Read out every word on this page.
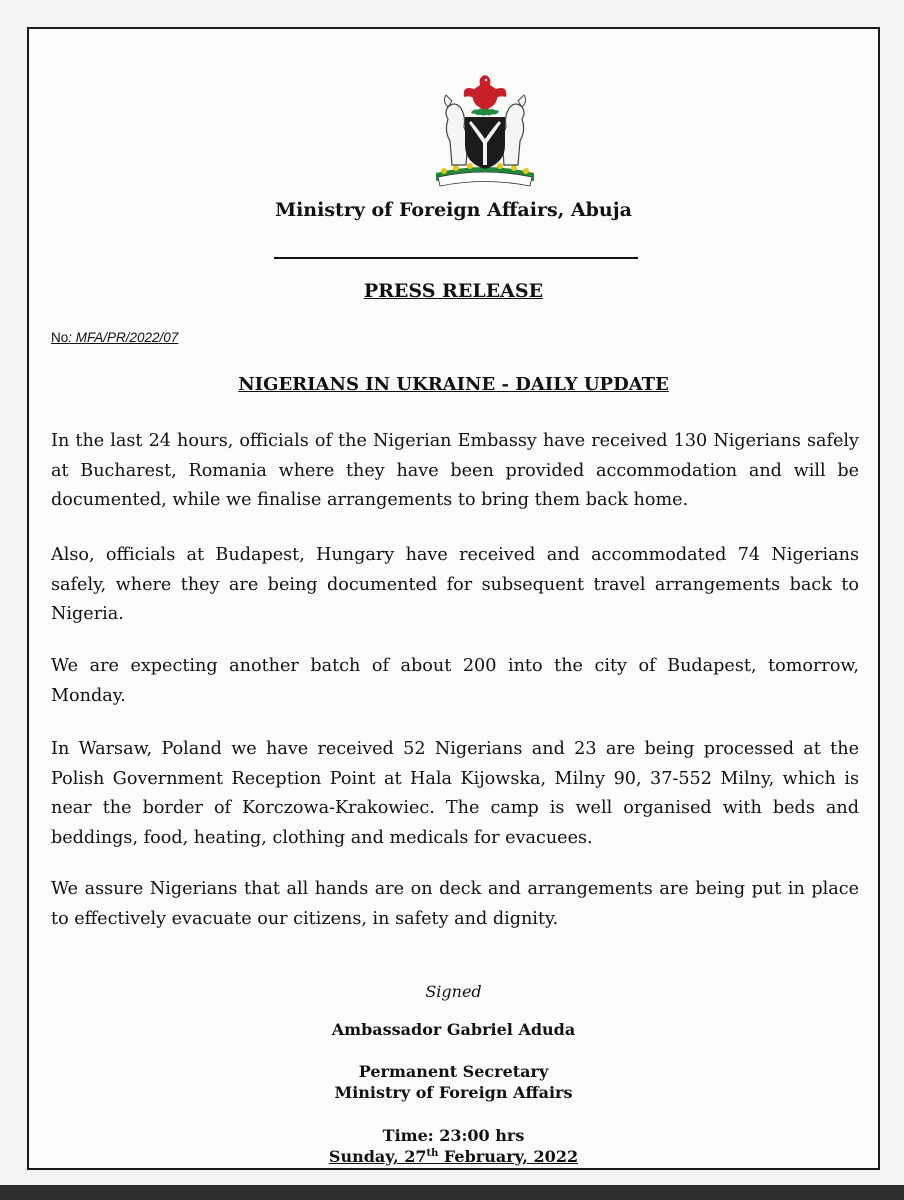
Ministry of Foreign Affairs, Abuja
PRESS RELEASE
No: MFA/PR/2022/07
NIGERIANS IN UKRAINE - DAILY UPDATE
In the last 24 hours, officials of the Nigerian Embassy have received 130 Nigerians safely at Bucharest, Romania where they have been provided accommodation and will be documented, while we finalise arrangements to bring them back home.
Also, officials at Budapest, Hungary have received and accommodated 74 Nigerians safely, where they are being documented for subsequent travel arrangements back to Nigeria.
We are expecting another batch of about 200 into the city of Budapest, tomorrow, Monday.
In Warsaw, Poland we have received 52 Nigerians and 23 are being processed at the Polish Government Reception Point at Hala Kijowska, Milny 90, 37-552 Milny, which is near the border of Korczowa-Krakowiec. The camp is well organised with beds and beddings, food, heating, clothing and medicals for evacuees.
We assure Nigerians that all hands are on deck and arrangements are being put in place to effectively evacuate our citizens, in safety and dignity.
Signed
Ambassador Gabriel Aduda
Permanent Secretary
Ministry of Foreign Affairs
Time: 23:00 hrs
Sunday, 27th February, 2022
